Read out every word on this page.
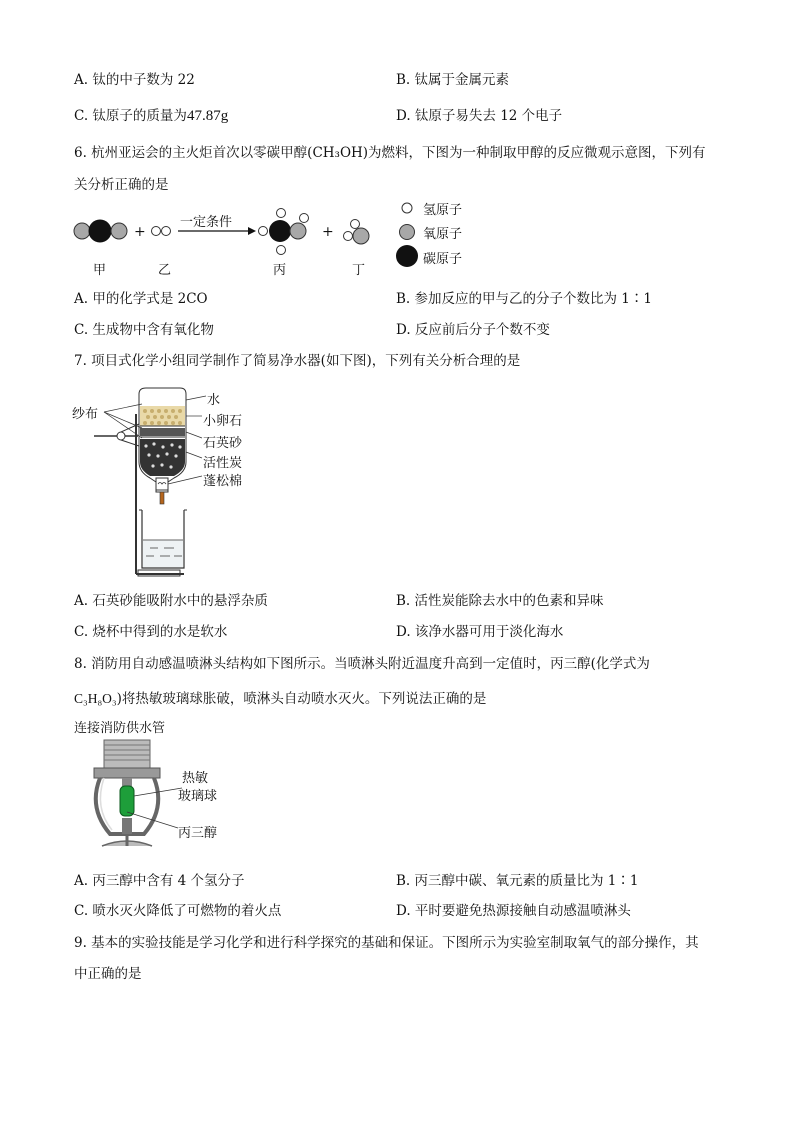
A. 钛的中子数为 22	B. 钛属于金属元素
C. 钛原子的质量为47.87g	D. 钛原子易失去 12 个电子
6. 杭州亚运会的主火炬首次以零碳甲醇(CH₃OH)为燃料，下图为一种制取甲醇的反应微观示意图，下列有
关分析正确的是
+	+
一定条件
甲	乙	丙	丁
氢原子
氧原子
碳原子
A. 甲的化学式是 2CO	B. 参加反应的甲与乙的分子个数比为 1∶1
C. 生成物中含有氧化物	D. 反应前后分子个数不变
7. 项目式化学小组同学制作了简易净水器(如下图)，下列有关分析合理的是
纱布
水
小卵石
石英砂
活性炭
蓬松棉
A. 石英砂能吸附水中的悬浮杂质	B. 活性炭能除去水中的色素和异味
C. 烧杯中得到的水是软水	D. 该净水器可用于淡化海水
8. 消防用自动感温喷淋头结构如下图所示。当喷淋头附近温度升高到一定值时，丙三醇(化学式为
C₃H₈O₃)将热敏玻璃球胀破，喷淋头自动喷水灭火。下列说法正确的是
连接消防供水管
热敏
玻璃球
丙三醇
A. 丙三醇中含有 4 个氢分子	B. 丙三醇中碳、氧元素的质量比为 1∶1
C. 喷水灭火降低了可燃物的着火点	D. 平时要避免热源接触自动感温喷淋头
9. 基本的实验技能是学习化学和进行科学探究的基础和保证。下图所示为实验室制取氧气的部分操作，其
中正确的是
